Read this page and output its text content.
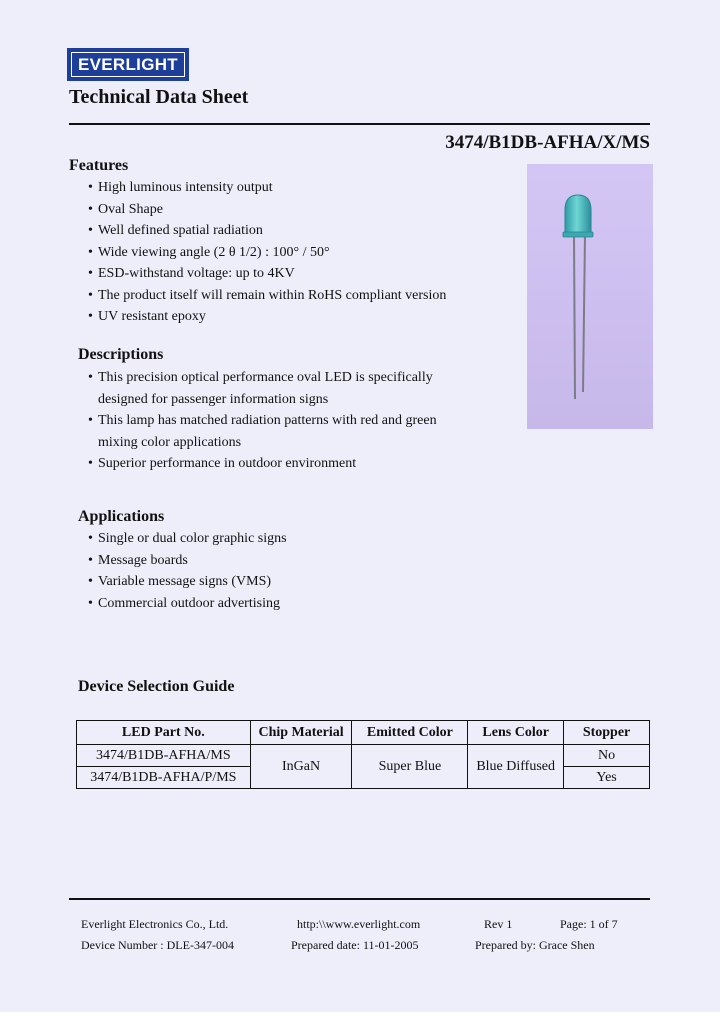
EVERLIGHT
Technical Data Sheet
3474/B1DB-AFHA/X/MS
Features
• High luminous intensity output
• Oval Shape
• Well defined spatial radiation
• Wide viewing angle (2 θ 1/2) : 100° / 50°
• ESD-withstand voltage: up to 4KV
• The product itself will remain within RoHS compliant version
• UV resistant epoxy
Descriptions
• This precision optical performance oval LED is specifically designed for passenger information signs
• This lamp has matched radiation patterns with red and green mixing color applications
• Superior performance in outdoor environment
Applications
• Single or dual color graphic signs
• Message boards
• Variable message signs (VMS)
• Commercial outdoor advertising
Device Selection Guide
LED Part No.	Chip Material	Emitted Color	Lens Color	Stopper
3474/B1DB-AFHA/MS	InGaN	Super Blue	Blue Diffused	No
3474/B1DB-AFHA/P/MS				Yes
Everlight Electronics Co., Ltd.	http:\\www.everlight.com	Rev 1	Page: 1 of 7
Device Number : DLE-347-004	Prepared date: 11-01-2005	Prepared by: Grace Shen
